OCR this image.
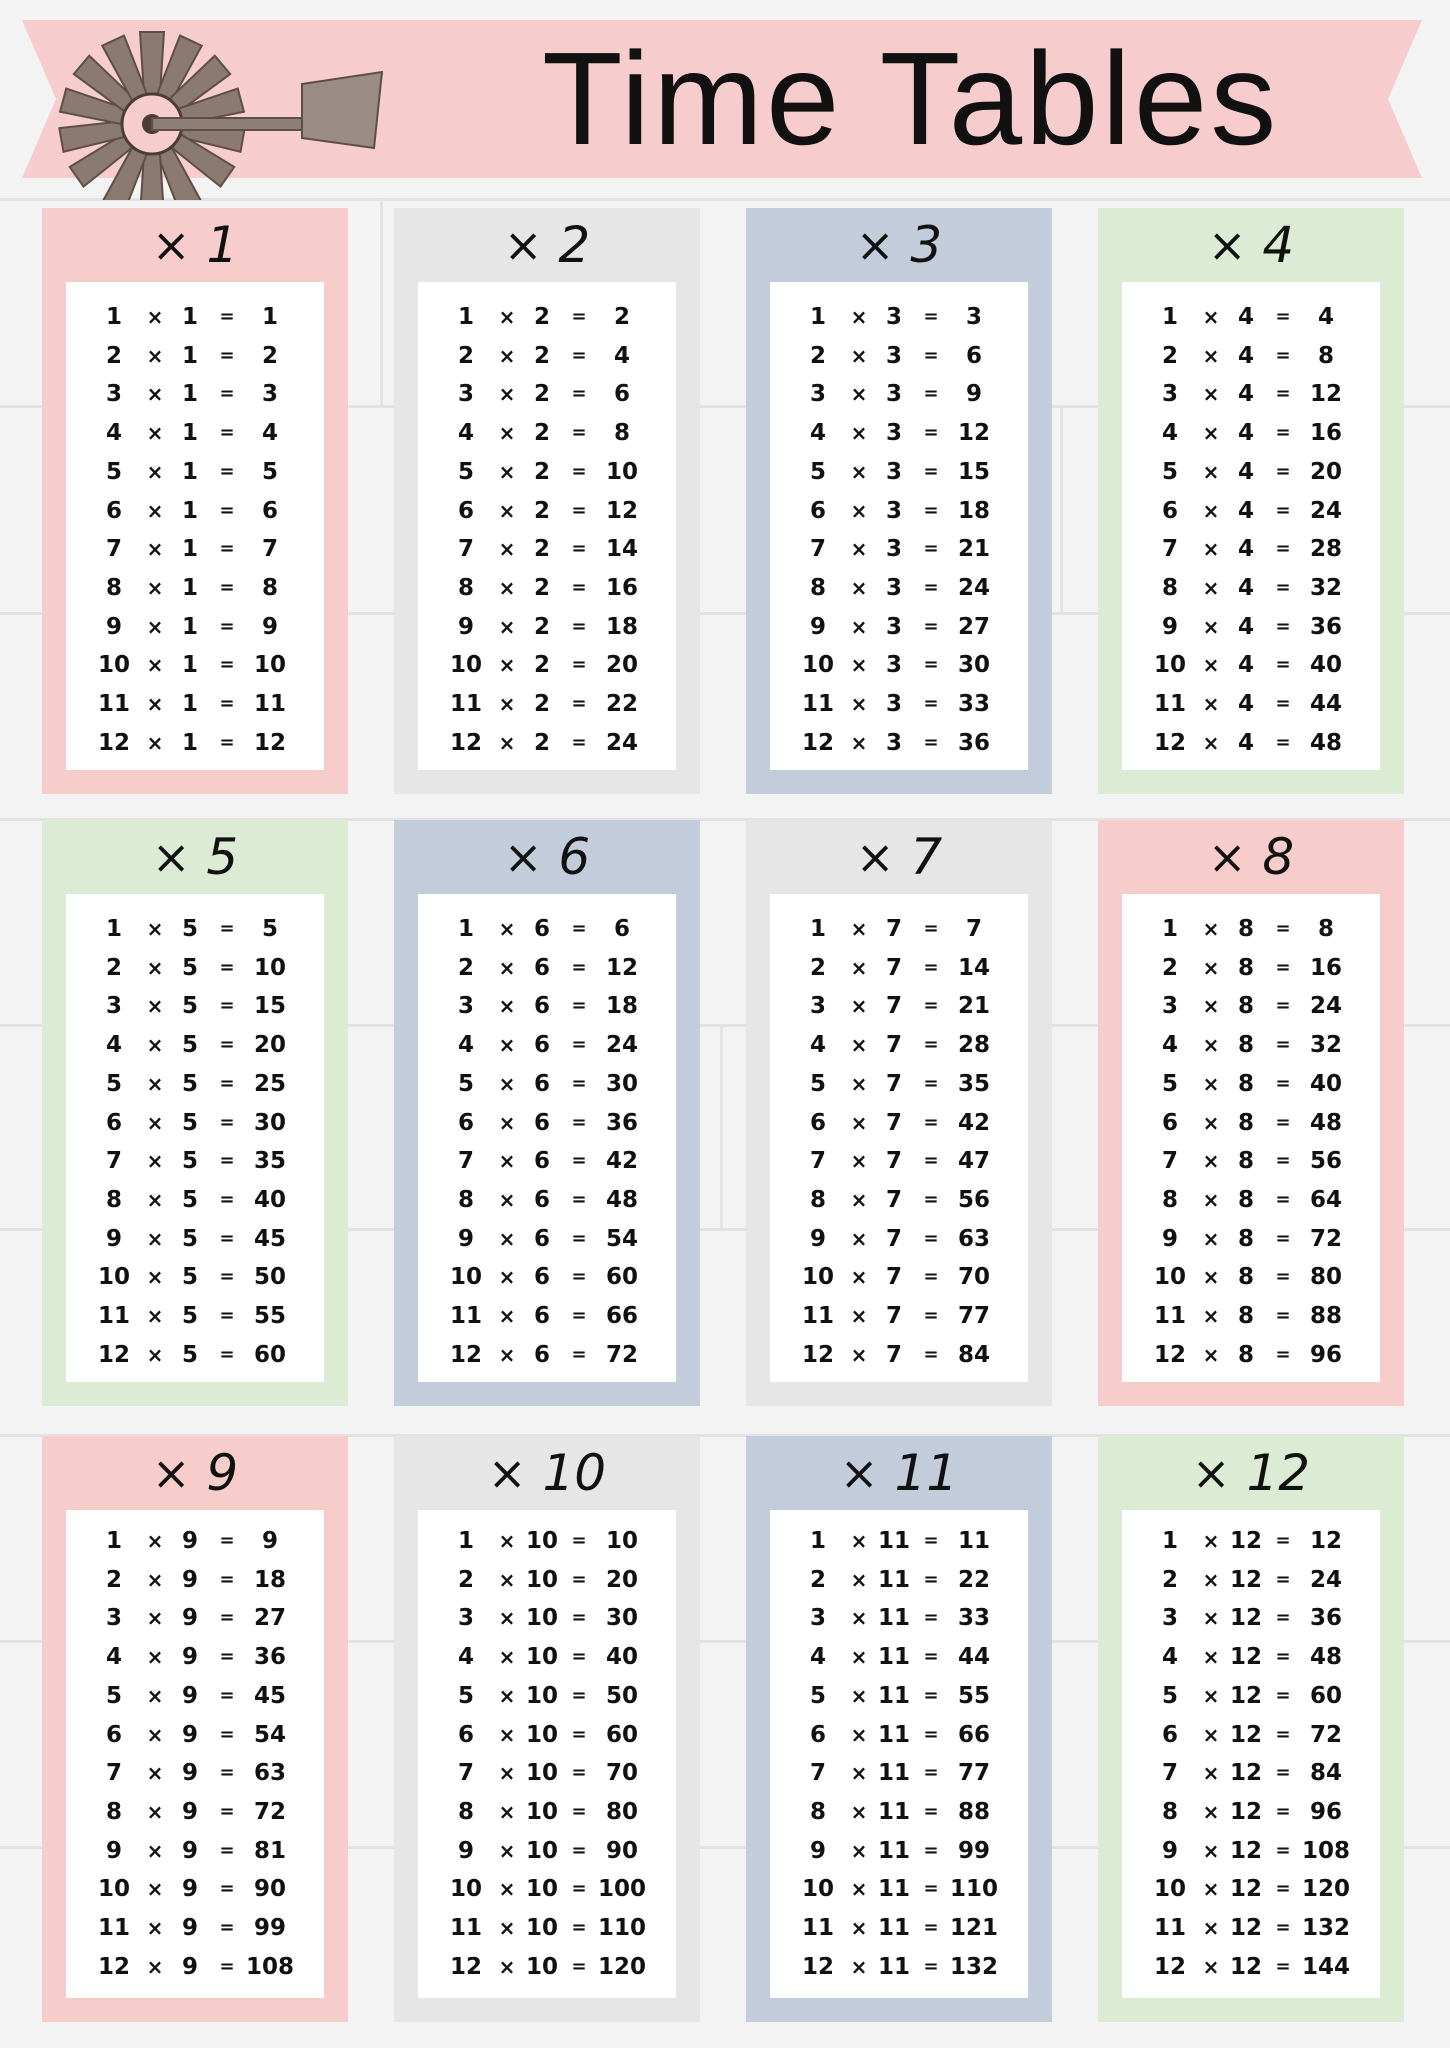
Time Tables
× 1
1	× 1	=	1
2	× 1	=	2
3	× 1	=	3
4	× 1	=	4
5	× 1	=	5
6	× 1	=	6
7	× 1	=	7
8	× 1	=	8
9	× 1	=	9
10 × 1	= 10
11 × 1	= 11
12 × 1	= 12
× 2
1	× 2	=	2
2	× 2	=	4
3	× 2	=	6
4	× 2	=	8
5	× 2	= 10
6	× 2	= 12
7	× 2	= 14
8	× 2	= 16
9	× 2	= 18
10 × 2	= 20
11 × 2	= 22
12 × 2	= 24
× 3
1	× 3	=	3
2	× 3	=	6
3	× 3	=	9
4	× 3	= 12
5	× 3	= 15
6	× 3	= 18
7	× 3	= 21
8	× 3	= 24
9	× 3	= 27
10 × 3	= 30
11 × 3	= 33
12 × 3	= 36
× 4
1	× 4	=	4
2	× 4	=	8
3	× 4	= 12
4	× 4	= 16
5	× 4	= 20
6	× 4	= 24
7	× 4	= 28
8	× 4	= 32
9	× 4	= 36
10 × 4	= 40
11 × 4	= 44
12 × 4	= 48
× 5
1	× 5	=	5
2	× 5	= 10
3	× 5	= 15
4	× 5	= 20
5	× 5	= 25
6	× 5	= 30
7	× 5	= 35
8	× 5	= 40
9	× 5	= 45
10 × 5	= 50
11 × 5	= 55
12 × 5	= 60
× 6
1	× 6	=	6
2	× 6	= 12
3	× 6	= 18
4	× 6	= 24
5	× 6	= 30
6	× 6	= 36
7	× 6	= 42
8	× 6	= 48
9	× 6	= 54
10 × 6	= 60
11 × 6	= 66
12 × 6	= 72
× 7
1	× 7	=	7
2	× 7	= 14
3	× 7	= 21
4	× 7	= 28
5	× 7	= 35
6	× 7	= 42
7	× 7	= 47
8	× 7	= 56
9	× 7	= 63
10 × 7	= 70
11 × 7	= 77
12 × 7	= 84
× 8
1	× 8	=	8
2	× 8	= 16
3	× 8	= 24
4	× 8	= 32
5	× 8	= 40
6	× 8	= 48
7	× 8	= 56
8	× 8	= 64
9	× 8	= 72
10 × 8	= 80
11 × 8	= 88
12 × 8	= 96
× 9
1	× 9	=	9
2	× 9	= 18
3	× 9	= 27
4	× 9	= 36
5	× 9	= 45
6	× 9	= 54
7	× 9	= 63
8	× 9	= 72
9	× 9	= 81
10 × 9	= 90
11 × 9	= 99
12 × 9	= 108
× 10
1	× 10 = 10
2	× 10 = 20
3	× 10 = 30
4	× 10 = 40
5	× 10 = 50
6	× 10 = 60
7	× 10 = 70
8	× 10 = 80
9	× 10 = 90
10 × 10 = 100
11 × 10 = 110
12 × 10 = 120
× 11
1	× 11 = 11
2	× 11 = 22
3	× 11 = 33
4	× 11 = 44
5	× 11 = 55
6	× 11 = 66
7	× 11 = 77
8	× 11 = 88
9	× 11 = 99
10 × 11 = 110
11 × 11 = 121
12 × 11 = 132
× 12
1	× 12 = 12
2	× 12 = 24
3	× 12 = 36
4	× 12 = 48
5	× 12 = 60
6	× 12 = 72
7	× 12 = 84
8	× 12 = 96
9	× 12 = 108
10 × 12 = 120
11 × 12 = 132
12 × 12 = 144
